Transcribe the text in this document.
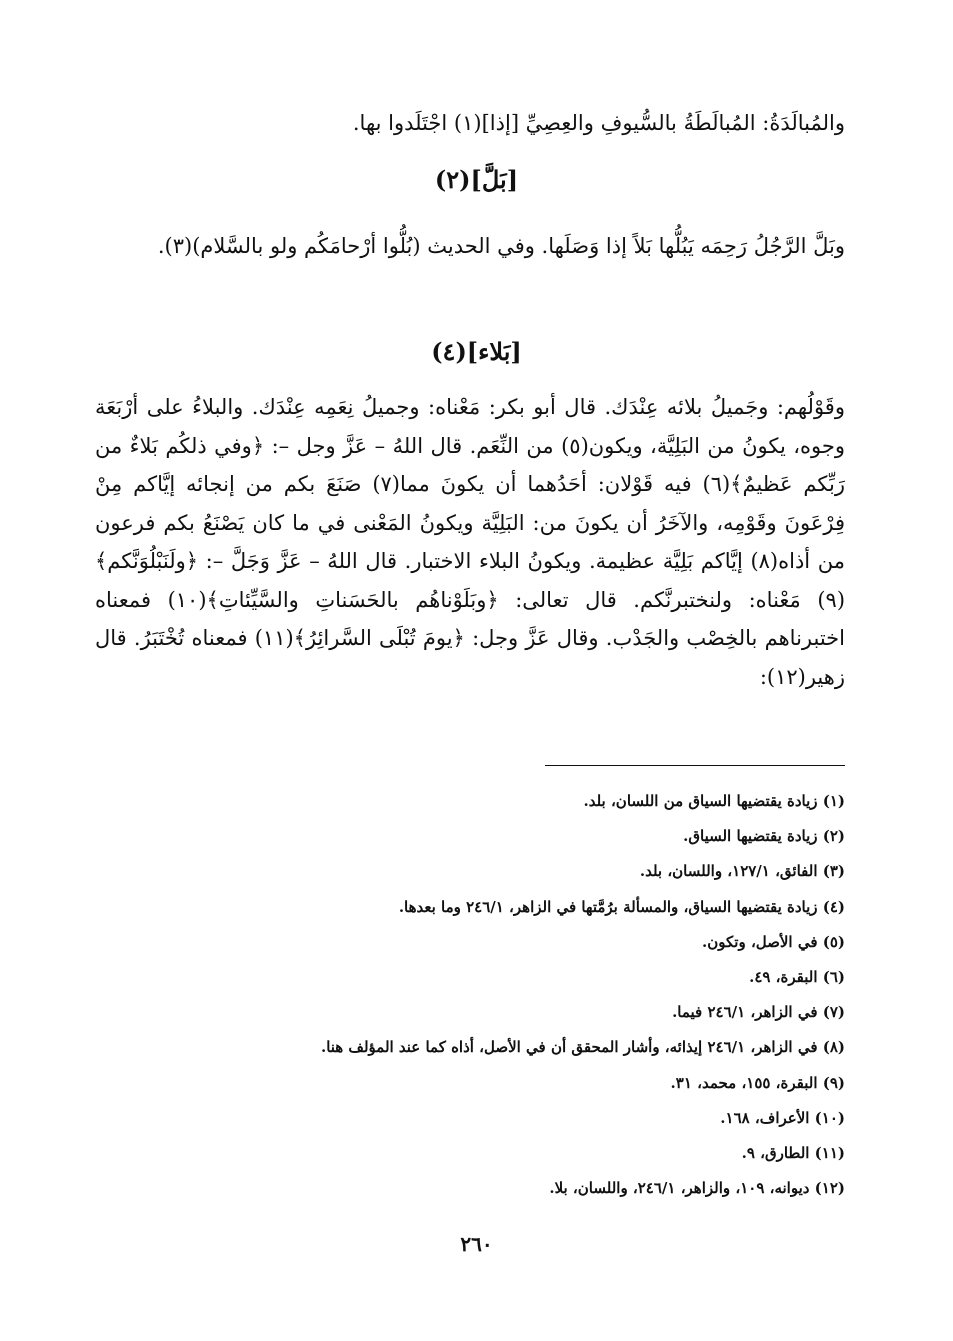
والمُبالَدَةُ: المُبالَطَةُ بالسُّيوفِ والعِصِيِّ [إذا](١) اجْتَلَدوا بها.
[بَلَّ](٢)
وبَلَّ الرَّجُلُ رَحِمَه يَبُلُّها بَلاً إذا وَصَلَها. وفي الحديث (بُلُّوا أرْحامَكُم ولو بالسَّلام)(٣).
[بَلاء](٤)
وقَوْلُهم: وجَميلُ بلائه عِنْدَك. قال أبو بكر: مَعْناه: وجميلُ نِعَمِه عِنْدَك. والبلاءُ على أرْبَعَة وجوه، يكونُ من البَلِيَّة، ويكون(٥) من النِّعَم. قال اللهُ – عَزَّ وجل –: ﴿وفي ذلكُم بَلاءٌ من رَبِّكم عَظيمٌ﴾(٦) فيه قَوْلان: أحَدُهما أن يكونَ مما(٧) صَنَعَ بكم من إنجائه إيَّاكم مِنْ فِرْعَونَ وقَوْمِه، والآخَرُ أن يكونَ من: البَلِيَّة ويكونُ المَعْنى في ما كان يَصْنَعُ بكم فرعون من أذاه(٨) إيَّاكم بَلِيَّة عظيمة. ويكونُ البلاء الاختبار. قال اللهُ – عَزَّ وَجَلَّ –: ﴿ولَنَبْلُوَنَّكم﴾(٩) مَعْناه: ولنختبرنَّكم. قال تعالى: ﴿وبَلَوْناهُم بالحَسَناتِ والسَّيِّئاتِ﴾(١٠) فمعناه اختبرناهم بالخِصْب والجَدْب. وقال عَزَّ وجل: ﴿يومَ تُبْلَى السَّرائِرُ﴾(١١) فمعناه تُخْتَبَرُ. قال زهير(١٢):
(١) زيادة يقتضيها السياق من اللسان، بلد.
(٢) زيادة يقتضيها السياق.
(٣) الفائق، ١٢٧/١، واللسان، بلد.
(٤) زيادة يقتضيها السياق، والمسألة برُمَّتها في الزاهر، ٢٤٦/١ وما بعدها.
(٥) في الأصل، وتكون.
(٦) البقرة، ٤٩.
(٧) في الزاهر، ٢٤٦/١ فيما.
(٨) في الزاهر، ٢٤٦/١ إيذائه، وأشار المحقق أن في الأصل، أذاه كما عند المؤلف هنا.
(٩) البقرة، ١٥٥، محمد، ٣١.
(١٠) الأعراف، ١٦٨.
(١١) الطارق، ٩.
(١٢) ديوانه، ١٠٩، والزاهر، ٢٤٦/١، واللسان، بلا.
٢٦٠
